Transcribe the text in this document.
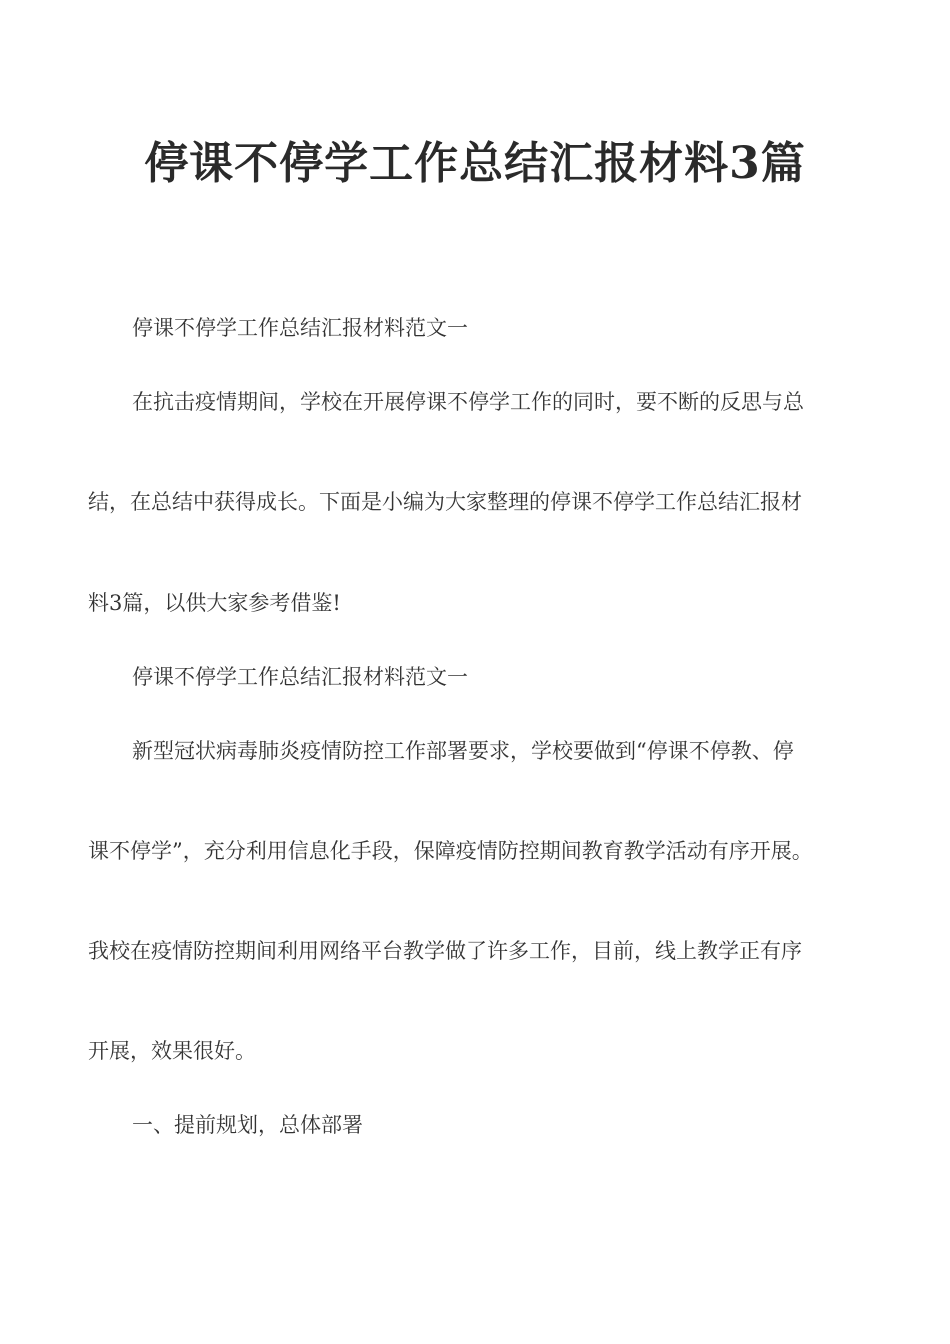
停课不停学工作总结汇报材料3篇
停课不停学工作总结汇报材料范文一
在抗击疫情期间，学校在开展停课不停学工作的同时，要不断的反思与总
结，在总结中获得成长。下面是小编为大家整理的停课不停学工作总结汇报材
料3篇，以供大家参考借鉴!
停课不停学工作总结汇报材料范文一
新型冠状病毒肺炎疫情防控工作部署要求，学校要做到“停课不停教、停
课不停学”，充分利用信息化手段，保障疫情防控期间教育教学活动有序开展。
我校在疫情防控期间利用网络平台教学做了许多工作，目前，线上教学正有序
开展，效果很好。
一、提前规划，总体部署
